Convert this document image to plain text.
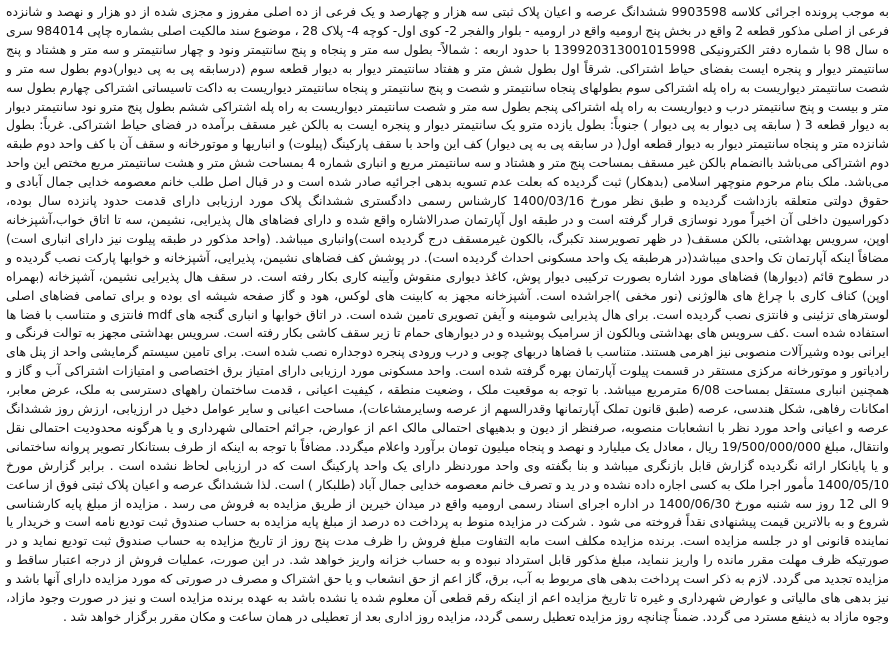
به موجب پرونده اجرائی کلاسه 9903598 ششدانگ عرصه و اعیان پلاک ثبتی سه هزار و چهارصد و یک فرعی از ده اصلی مفروز و مجزی شده از دو هزار و نهصد و شانزده فرعی از اصلی مذکور قطعه 2 واقع در بخش پنج ارومیه واقع در ارومیه - بلوار والفجر 2- کوی اول- کوچه 4- پلاک 28 ، موضوع سند مالکیت اصلی بشماره چاپی 984014 سری ه سال 98 با شماره دفتر الکترونیکی 139920313001015998 با حدود اربعه : شمالاً- بطول سه متر و پنجاه و پنج سانتیمتر ونود و چهار سانتیمتر و سه متر و هشتاد و پنج سانتیمتر دیوار و پنجره ایست بفضای حیاط اشتراکی. شرقاً اول بطول شش متر و هفتاد سانتیمتر دیوار به دیوار قطعه سوم (درسابقه پی به پی دیوار)دوم بطول سه متر و شصت سانتیمتر دیواریست به راه پله اشتراکی سوم بطولهای پنجاه سانتیمتر و شصت و پنج سانتیمتر و پنجاه سانتیمتر دیواریست به داکت تاسیساتی اشتراکی چهارم بطول سه متر و بیست و پنج سانتیمتر درب و دیواریست به راه پله اشتراکی پنجم بطول سه متر و شصت سانتیمتر دیواریست به راه پله اشتراکی ششم بطول پنج مترو نود سانتیمتر دیوار به دیوار قطعه 3 ( سابقه پی دیوار به پی دیوار ) جنوباً: بطول یازده مترو یک سانتیمتر دیوار و پنجره ایست به بالکن غیر مسقف برآمده در فضای حیاط اشتراکی. غرباً: بطول شانزده متر و پنجاه سانتیمتر دیوار به دیوار قطعه اول( در سابقه پی به پی دیوار) کف این واحد با سقف پارکینگ (پیلوت) و انباریها و موتورخانه و سقف آن با کف واحد دوم طبقه دوم اشتراکی می‌باشد باانضمام بالکن غیر مسقف بمساحت پنج متر و هشتاد و سه سانتیمتر مربع و انباری شماره 4 بمساحت شش متر و هشت سانتیمتر مربع مختص این واحد می‌باشد. ملک بنام مرحوم منوچهر اسلامی (بدهکار) ثبت گردیده که بعلت عدم تسویه بدهی اجرائیه صادر شده است و در قبال اصل طلب خانم معصومه خدایی جمال آبادی و حقوق دولتی متعلقه بازداشت گردیده و طبق نظر مورخ 1400/03/16 کارشناس رسمی دادگستری ششدانگ پلاک مورد ارزیابی دارای قدمت حدود پانزده سال بوده، دکوراسیون داخلی آن اخیراً مورد نوسازی قرار گرفته است و در طبقه اول آپارتمان صدرالاشاره واقع شده و دارای فضاهای هال پذیرایی، نشیمن، سه تا اتاق خواب،آشپزخانه اوپن، سرویس بهداشتی، بالکن مسقف( در ظهر تصویرسند تکبرگ، بالکون غیرمسقف درج گردیده است)وانباری میباشد. (واحد مذکور در طبقه پیلوت نیز دارای انباری است) مضافاً اینکه آپارتمان تک واحدی میباشد(در هرطبقه یک واحد مسکونی احداث گردیده است). در پوشش کف فضاهای نشیمن، پذیرایی، آشپزخانه و خوابها پارکت نصب گردیده و در سطوح قائم (دیوارها) فضاهای مورد اشاره بصورت ترکیبی دیوار پوش، کاغذ دیواری منقوش وآیینه کاری بکار رفته است. در سقف هال پذیرایی نشیمن، آشپزخانه (بهمراه اوپن) کناف کاری با چراغ های هالوژنی (نور مخفی )اجراشده است. آشپزخانه مجهز به کابینت های لوکس، هود و گاز صفحه شیشه ای بوده و برای تمامی فضاهای اصلی لوسترهای تزئینی و فانتزی نصب گردیده است. برای هال پذیرایی شومینه و آیفن تصویری تامین شده است. در اتاق خوابها و انباری گنجه های mdf فانتزی و متناسب با فضا ها استفاده شده است .کف سرویس های بهداشتی وبالکون از سرامیک پوشیده و در دیوارهای حمام تا زیر سقف کاشی بکار رفته است. سرویس بهداشتی مجهز به توالت فرنگی و ایرانی بوده وشیرآلات منصوبی نیز اهرمی هستند. متناسب با فضاها دربهای چوبی و درب ورودی پنجره دوجداره نصب شده است. برای تامین سیستم گرمایشی واحد از پنل های رادیاتور و موتورخانه مرکزی مستقر در قسمت پیلوت آپارتمان بهره گرفته شده است. واحد مسکونی مورد ارزیابی دارای امتیاز برق اختصاصی و امتیازات اشتراکی آب و گاز و همچنین انباری مستقل بمساحت 6/08 مترمربع میباشد. با توجه به موقعیت ملک ، وضعیت منطقه ، کیفیت اعیانی ، قدمت ساختمان راههای دسترسی به ملک، عرض معابر، امکانات رفاهی، شکل هندسی، عرصه (طبق قانون تملک آپارتمانها وقدرالسهم از عرصه وسایرمشاعات)، مساحت اعیانی و سایر عوامل دخیل در ارزیابی، ارزش روز ششدانگ عرصه و اعیانی واحد مورد نظر با انشعابات منصوبه، صرفنظر از دیون و بدهیهای احتمالی مالک اعم از عوارض، جرائم احتمالی شهرداری و یا هرگونه محدودیت احتمالی نقل وانتقال، مبلغ 19/500/000/000 ریال ، معادل یک میلیارد و نهصد و پنجاه میلیون تومان برآورد واعلام میگردد. مضافاً با توجه به اینکه از طرف بستانکار تصویر پروانه ساختمانی و یا پایانکار ارائه نگردیده گزارش قابل بازنگری میباشد و بنا بگفته وی واحد موردنظر دارای یک واحد پارکینگ است که در ارزیابی لحاظ نشده است . برابر گزارش مورخ 1400/05/10 مأمور اجرا ملک به کسی اجاره داده نشده و در ید و تصرف خانم معصومه خدایی جمال آباد (طلبکار ) است. لذا ششدانگ عرصه و اعیان پلاک ثبتی فوق از ساعت 9 الی 12 روز سه شنبه مورخ 1400/06/30 در اداره اجرای اسناد رسمی ارومیه واقع در میدان خیرین از طریق مزایده به فروش می رسد . مزایده از مبلغ پایه کارشناسی شروع و به بالاترین قیمت پیشنهادی نقداً فروخته می شود . شرکت در مزایده منوط به پرداخت ده درصد از مبلغ پایه مزایده به حساب صندوق ثبت تودیع نامه است و خریدار یا نماینده قانونی او در جلسه مزایده است. برنده مزایده مکلف است مابه التفاوت مبلغ فروش را ظرف مدت پنج روز از تاریخ مزایده به حساب صندوق ثبت تودیع نماید و در صورتیکه ظرف مهلت مقرر مانده را واریز ننماید، مبلغ مذکور قابل استرداد نبوده و به حساب خزانه واریز خواهد شد. در این صورت، عملیات فروش از درجه اعتبار ساقط و مزایده تجدید می گردد. لازم به ذکر است پرداخت بدهی های مربوط به آب، برق، گاز اعم از حق انشعاب و یا حق اشتراک و مصرف در صورتی که مورد مزایده دارای آنها باشد و نیز بدهی های مالیاتی و عوارض شهرداری و غیره تا تاریخ مزایده اعم از اینکه رقم قطعی آن معلوم شده یا نشده باشد به عهده برنده مزایده است و نیز در صورت وجود مازاد، وجوه مازاد به ذینفع مسترد می گردد. ضمناً چنانچه روز مزایده تعطیل رسمی گردد، مزایده روز اداری بعد از تعطیلی در همان ساعت و مکان مقرر برگزار خواهد شد .
